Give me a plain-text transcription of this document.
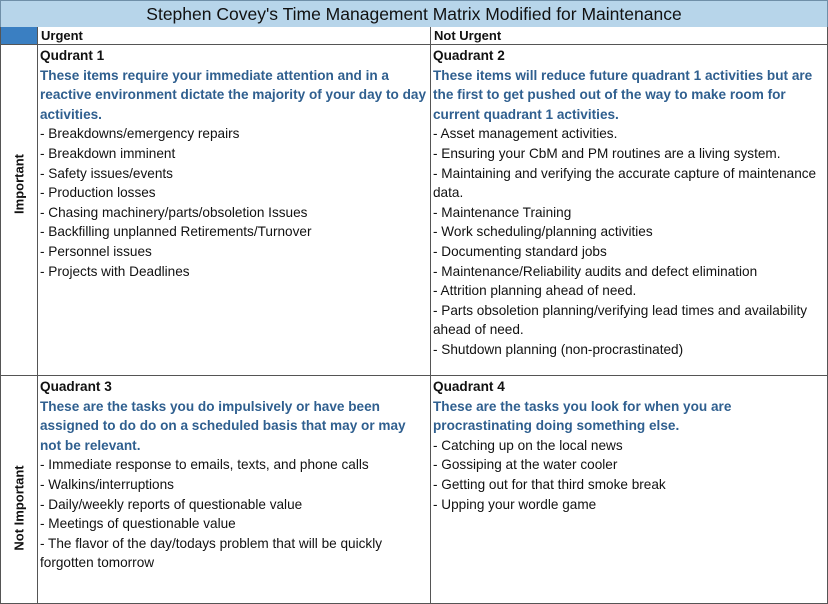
Stephen Covey's Time Management Matrix Modified for Maintenance
Urgent	Not Urgent
Important
Qudrant 1
These items require your immediate attention and in a reactive environment dictate the majority of your day to day activities.
- Breakdowns/emergency repairs
- Breakdown imminent
- Safety issues/events
- Production losses
- Chasing machinery/parts/obsoletion Issues
- Backfilling unplanned Retirements/Turnover
- Personnel issues
- Projects with Deadlines
Quadrant 2
These items will reduce future quadrant 1 activities but are the first to get pushed out of the way to make room for current quadrant 1 activities.
- Asset management activities.
- Ensuring your CbM and PM routines are a living system.
- Maintaining and verifying the accurate capture of maintenance data.
- Maintenance Training
- Work scheduling/planning activities
- Documenting standard jobs
- Maintenance/Reliability audits and defect elimination
- Attrition planning ahead of need.
- Parts obsoletion planning/verifying lead times and availability ahead of need.
- Shutdown planning (non-procrastinated)
Not Important
Quadrant 3
These are the tasks you do impulsively or have been assigned to do do on a scheduled basis that may or may not be relevant.
- Immediate response to emails, texts, and phone calls
- Walkins/interruptions
- Daily/weekly reports of questionable value
- Meetings of questionable value
- The flavor of the day/todays problem that will be quickly forgotten tomorrow
Quadrant 4
These are the tasks you look for when you are procrastinating doing something else.
- Catching up on the local news
- Gossiping at the water cooler
- Getting out for that third smoke break
- Upping your wordle game
